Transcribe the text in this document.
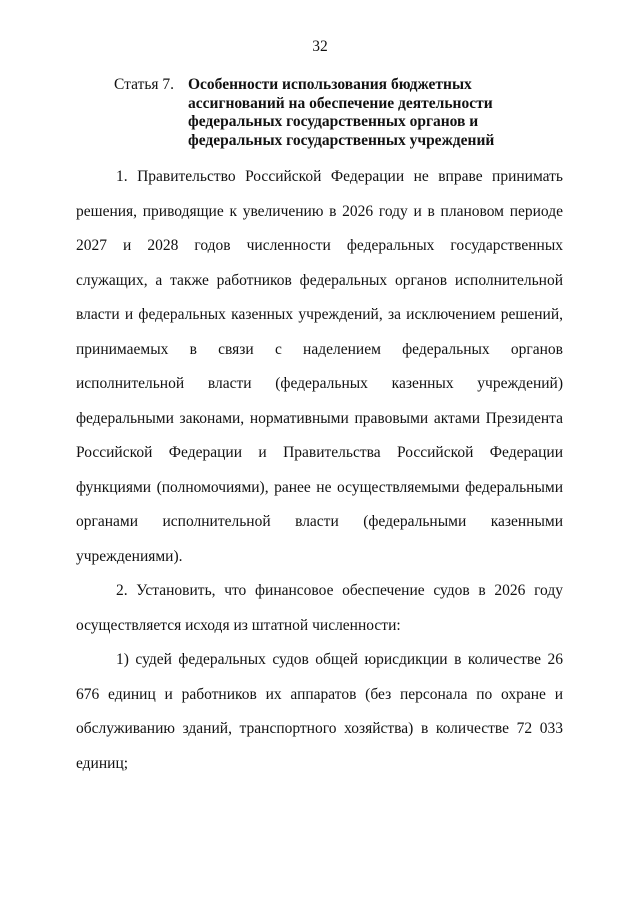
32
Статья 7. Особенности использования бюджетных ассигнований на обеспечение деятельности федеральных государственных органов и федеральных государственных учреждений

1. Правительство Российской Федерации не вправе принимать решения, приводящие к увеличению в 2026 году и в плановом периоде 2027 и 2028 годов численности федеральных государственных служащих, а также работников федеральных органов исполнительной власти и федеральных казенных учреждений, за исключением решений, принимаемых в связи с наделением федеральных органов исполнительной власти (федеральных казенных учреждений) федеральными законами, нормативными правовыми актами Президента Российской Федерации и Правительства Российской Федерации функциями (полномочиями), ранее не осуществляемыми федеральными органами исполнительной власти (федеральными казенными учреждениями).

2. Установить, что финансовое обеспечение судов в 2026 году осуществляется исходя из штатной численности:

1) судей федеральных судов общей юрисдикции в количестве 26 676 единиц и работников их аппаратов (без персонала по охране и обслуживанию зданий, транспортного хозяйства) в количестве 72 033 единиц;
